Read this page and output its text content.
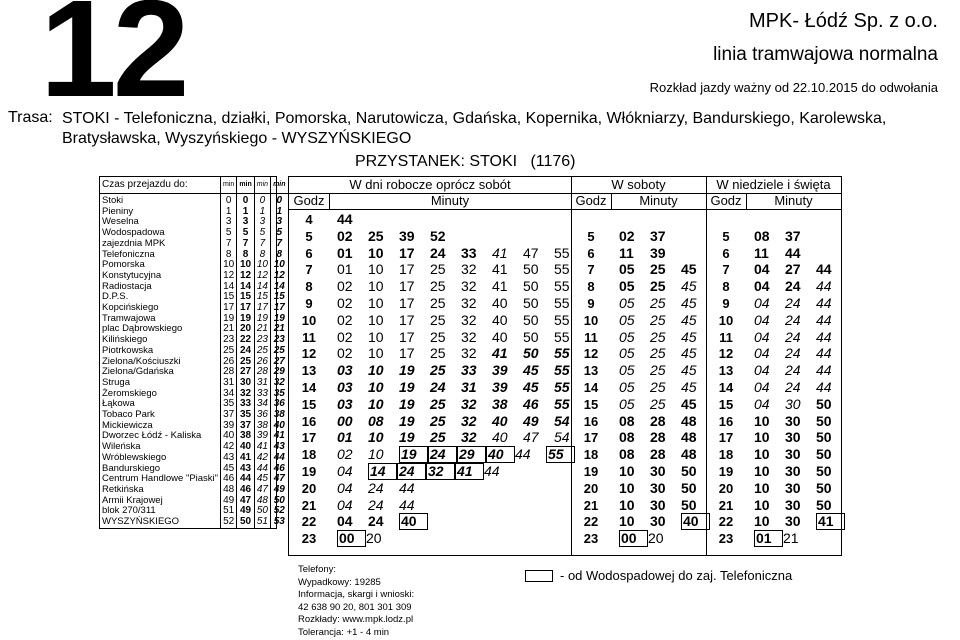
12	MPK- Łódź Sp. z o.o.
linia tramwajowa normalna
Rozkład jazdy ważny od 22.10.2015 do odwołania
Trasa: STOKI - Telefoniczna, działki, Pomorska, Narutowicza, Gdańska, Kopernika, Włókniarzy, Bandurskiego, Karolewska, Bratysławska, Wyszyńskiego - WYSZYŃSKIEGO
PRZYSTANEK: STOKI   (1176)
Czas przejazdu do:	min	min	min	min
Stoki	0	0	0	0
Pieniny	1	1	1	1
Weselna	3	3	3	3
Wodospadowa	5	5	5	5
zajezdnia MPK	7	7	7	7
Telefoniczna	8	8	8	8
Pomorska	10	10	10	10
Konstytucyjna	12	12	12	12
Radiostacja	14	14	14	14
D.P.S.	15	15	15	15
Kopcińskiego	17	17	17	17
Tramwajowa	19	19	19	19
plac Dąbrowskiego	21	20	21	21
Kilińskiego	23	22	23	23
Piotrkowska	25	24	25	25
Zielona/Kościuszki	26	25	26	27
Zielona/Gdańska	28	27	28	29
Struga	31	30	31	32
Żeromskiego	34	32	33	35
Łąkowa	35	33	34	36
Tobaco Park	37	35	36	38
Mickiewicza	39	37	38	40
Dworzec Łódź - Kaliska	40	38	39	41
Wileńska	42	40	41	43
Wróblewskiego	43	41	42	44
Bandurskiego	45	43	44	46
Centrum Handlowe "Piaski"	46	44	45	47
Retkińska	48	46	47	49
Armii Krajowej	49	47	48	50
blok 270/311	51	49	50	52
WYSZYŃSKIEGO	52	50	51	53
W dni robocze oprócz sobót
Godz	Minuty
4	44
5	02 25 39 52
6	01 10 17 24 33 41 47 55
7	01 10 17 25 32 41 50 55
8	02 10 17 25 32 41 50 55
9	02 10 17 25 32 40 50 55
10	02 10 17 25 32 40 50 55
11	02 10 17 25 32 40 50 55
12	02 10 17 25 32 41 50 55
13	03 10 19 25 33 39 45 55
14	03 10 19 24 31 39 45 55
15	03 10 19 25 32 38 46 55
16	00 08 19 25 32 40 49 54
17	01 10 19 25 32 40 47 54
18	02 10 19 24 29 40 44 55
19	04 14 24 32 41 44
20	04 24 44
21	04 24 44
22	04 24 40
23	00 20
W soboty
Godz	Minuty
5	02 37
6	11 39
7	05 25 45
8	05 25 45
9	05 25 45
10	05 25 45
11	05 25 45
12	05 25 45
13	05 25 45
14	05 25 45
15	05 25 45
16	08 28 48
17	08 28 48
18	08 28 48
19	10 30 50
20	10 30 50
21	10 30 50
22	10 30 40
23	00 20
W niedziele i święta
Godz	Minuty
5	08 37
6	11 44
7	04 27 44
8	04 24 44
9	04 24 44
10	04 24 44
11	04 24 44
12	04 24 44
13	04 24 44
14	04 24 44
15	04 30 50
16	10 30 50
17	10 30 50
18	10 30 50
19	10 30 50
20	10 30 50
21	10 30 50
22	10 30 41
23	01 21
Telefony:
Wypadkowy: 19285
Informacja, skargi i wnioski:
42 638 90 20, 801 301 309
Rozkłady: www.mpk.lodz.pl
Tolerancja: +1 - 4 min
- od Wodospadowej do zaj. Telefoniczna
